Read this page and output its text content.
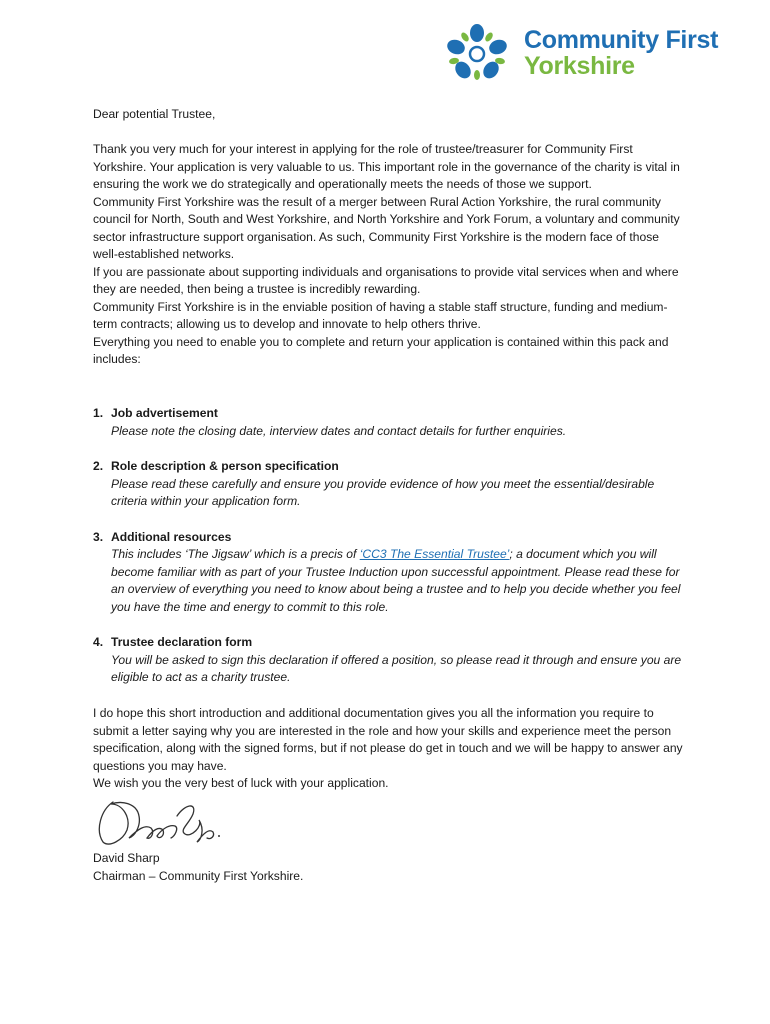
Community First
Yorkshire

Dear potential Trustee,

Thank you very much for your interest in applying for the role of trustee/treasurer for Community First Yorkshire. Your application is very valuable to us. This important role in the governance of the charity is vital in ensuring the work we do strategically and operationally meets the needs of those we support.

Community First Yorkshire was the result of a merger between Rural Action Yorkshire, the rural community council for North, South and West Yorkshire, and North Yorkshire and York Forum, a voluntary and community sector infrastructure support organisation. As such, Community First Yorkshire is the modern face of those well-established networks.

If you are passionate about supporting individuals and organisations to provide vital services when and where they are needed, then being a trustee is incredibly rewarding.

Community First Yorkshire is in the enviable position of having a stable staff structure, funding and medium-term contracts; allowing us to develop and innovate to help others thrive.

Everything you need to enable you to complete and return your application is contained within this pack and includes:

1. Job advertisement
Please note the closing date, interview dates and contact details for further enquiries.
2. Role description & person specification
Please read these carefully and ensure you provide evidence of how you meet the essential/desirable criteria within your application form.
3. Additional resources
This includes ‘The Jigsaw’ which is a precis of ‘CC3 The Essential Trustee’; a document which you will become familiar with as part of your Trustee Induction upon successful appointment. Please read these for an overview of everything you need to know about being a trustee and to help you decide whether you feel you have the time and energy to commit to this role.
4. Trustee declaration form
You will be asked to sign this declaration if offered a position, so please read it through and ensure you are eligible to act as a charity trustee.

I do hope this short introduction and additional documentation gives you all the information you require to submit a letter saying why you are interested in the role and how your skills and experience meet the person specification, along with the signed forms, but if not please do get in touch and we will be happy to answer any questions you may have.

We wish you the very best of luck with your application.

David Sharp
Chairman – Community First Yorkshire.
